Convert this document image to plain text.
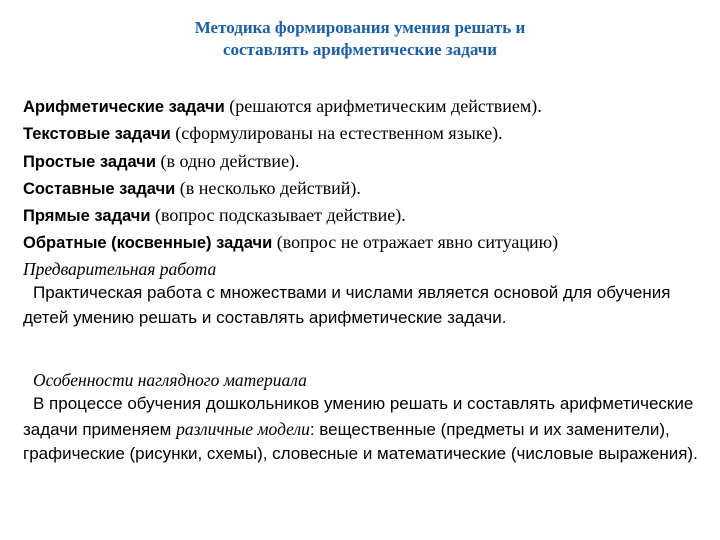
Методика формирования умения решать и
составлять арифметические задачи
Арифметические задачи (решаются арифметическим действием).
Текстовые задачи (сформулированы на естественном языке).
Простые задачи (в одно действие).
Составные задачи (в несколько действий).
Прямые задачи (вопрос подсказывает действие).
Обратные (косвенные) задачи (вопрос не отражает явно ситуацию)
Предварительная работа
Практическая работа с множествами и числами является основой для обучения детей умению решать и составлять арифметические задачи.
Особенности наглядного материала
В процессе обучения дошкольников умению решать и составлять арифметические задачи применяем различные модели: вещественные (предметы и их заменители), графические (рисунки, схемы), словесные и математические (числовые выражения).
